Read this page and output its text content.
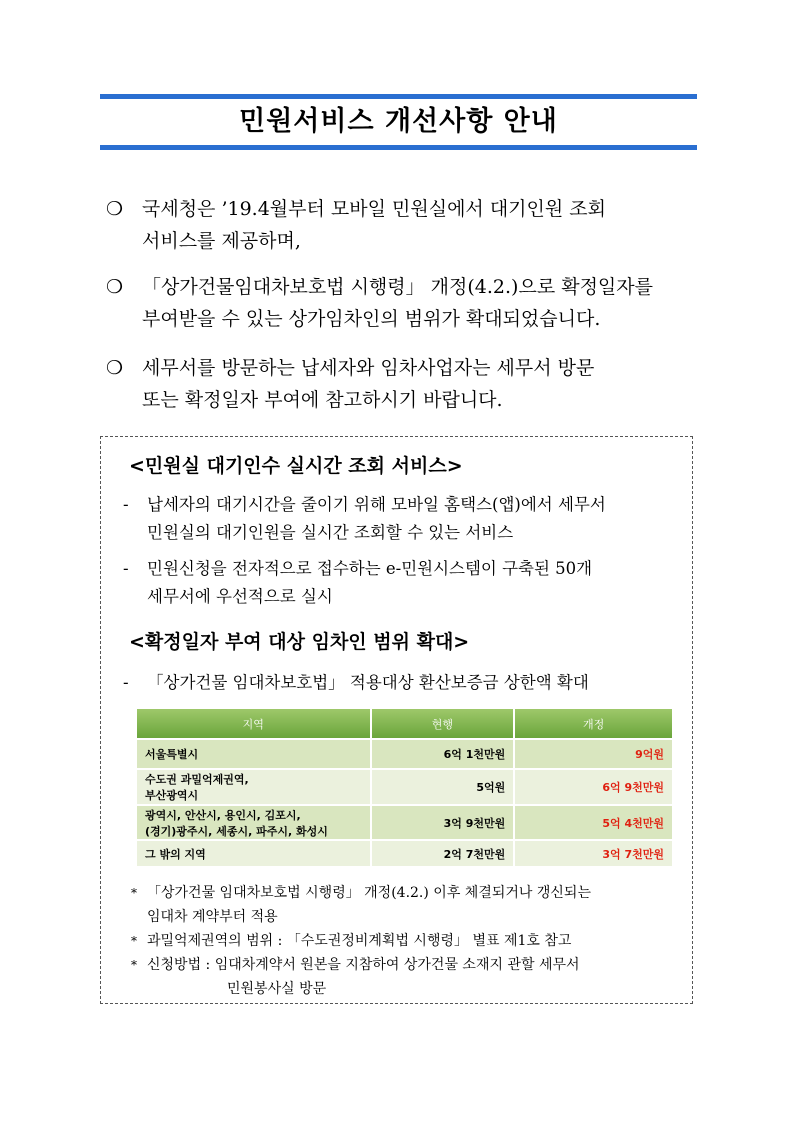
민원서비스 개선사항 안내
❍ 국세청은 ’19.4월부터 모바일 민원실에서 대기인원 조회
서비스를 제공하며,
❍ 「상가건물임대차보호법 시행령」 개정(4.2.)으로 확정일자를
부여받을 수 있는 상가임차인의 범위가 확대되었습니다.
❍ 세무서를 방문하는 납세자와 임차사업자는 세무서 방문
또는 확정일자 부여에 참고하시기 바랍니다.
<민원실 대기인수 실시간 조회 서비스>
- 납세자의 대기시간을 줄이기 위해 모바일 홈택스(앱)에서 세무서
민원실의 대기인원을 실시간 조회할 수 있는 서비스
- 민원신청을 전자적으로 접수하는 e-민원시스템이 구축된 50개
세무서에 우선적으로 실시
<확정일자 부여 대상 임차인 범위 확대>
- 「상가건물 임대차보호법」 적용대상 환산보증금 상한액 확대
지역	현행	개정

서울특별시	6억 1천만원	9억원

수도권 과밀억제권역,
부산광역시	5억원	6억 9천만원

광역시, 안산시, 용인시, 김포시,
(경기)광주시, 세종시, 파주시, 화성시	3억 9천만원	5억 4천만원

그 밖의 지역	2억 7천만원	3억 7천만원
* 「상가건물 임대차보호법 시행령」 개정(4.2.) 이후 체결되거나 갱신되는
임대차 계약부터 적용
* 과밀억제권역의 범위 : 「수도권정비계획법 시행령」 별표 제1호 참고
* 신청방법 : 임대차계약서 원본을 지참하여 상가건물 소재지 관할 세무서
민원봉사실 방문
